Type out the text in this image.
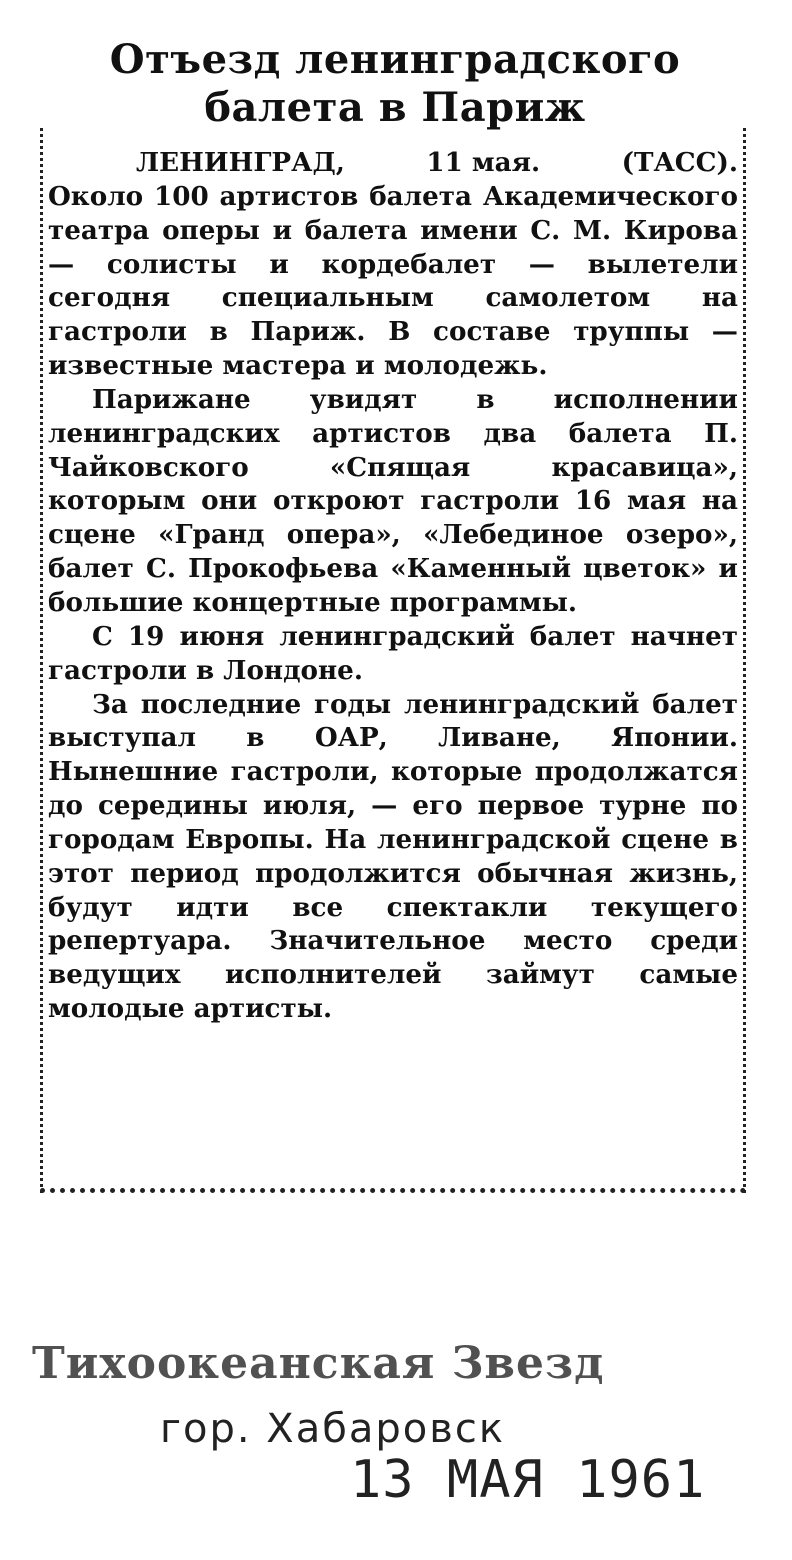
Отъезд ленинградского
балета в Париж

ЛЕНИНГРАД,	11 мая.	(ТАСС).

Около 100 артистов балета Академического театра оперы и балета имени С. М. Кирова — солисты и кордебалет — вылетели сегодня специальным самолетом на гастроли в Париж. В составе труппы — известные мастера и молодежь.

Парижане увидят в исполнении ленинградских артистов два балета П. Чайковского «Спящая красавица», которым они откроют гастроли 16 мая на сцене «Гранд опера», «Лебединое озеро», балет С. Прокофьева «Каменный цветок» и большие концертные программы.

С 19 июня ленинградский балет начнет гастроли в Лондоне.

За последние годы ленинградский балет выступал в ОАР, Ливане, Японии. Нынешние гастроли, которые продолжатся до середины июля, — его первое турне по городам Европы. На ленинградской сцене в этот период продолжится обычная жизнь, будут идти все спектакли текущего репертуара. Значительное место среди ведущих исполнителей займут самые молодые артисты.

Тихоокеанская Звезд
гор. Хабаровск
13 МАЯ 1961
